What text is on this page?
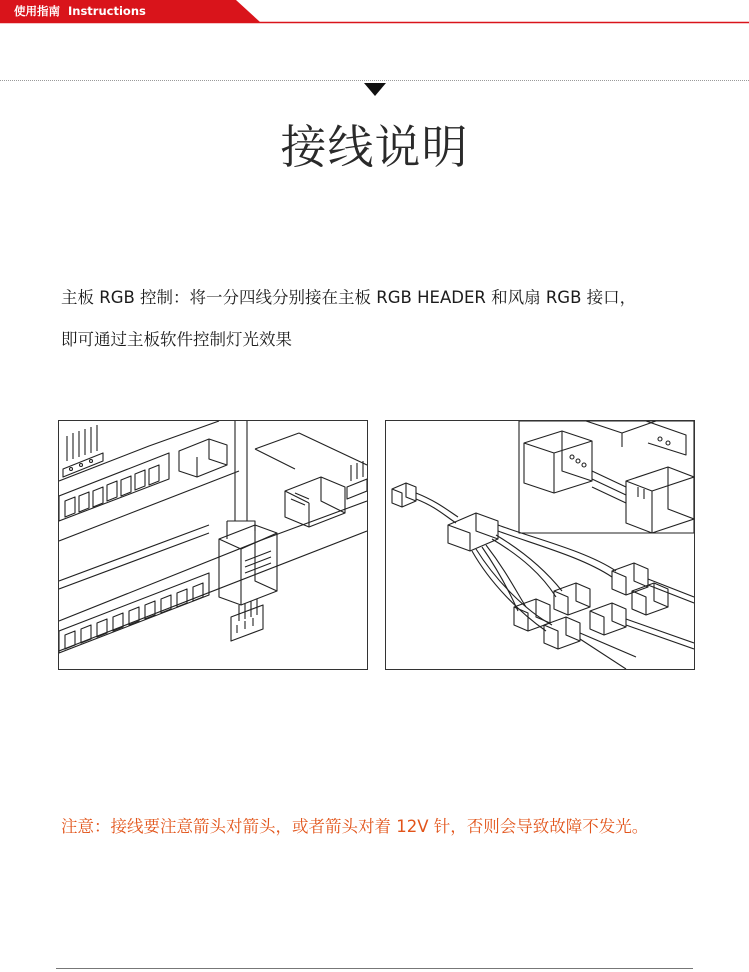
使用指南 Instructions
接线说明
主板 RGB 控制：将一分四线分别接在主板 RGB HEADER 和风扇 RGB 接口，
即可通过主板软件控制灯光效果
注意：接线要注意箭头对箭头，或者箭头对着 12V 针，否则会导致故障不发光。
